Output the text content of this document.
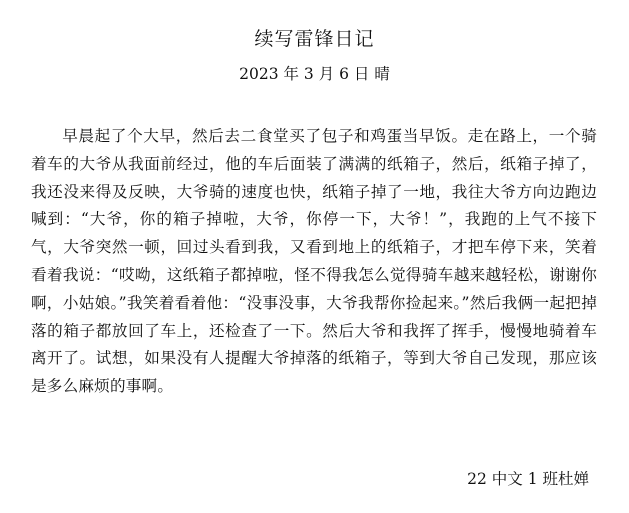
续写雷锋日记
2023 年 3 月 6 日 晴

早晨起了个大早，然后去二食堂买了包子和鸡蛋当早饭。走在路上，一个骑着车的大爷从我面前经过，他的车后面装了满满的纸箱子，然后，纸箱子掉了，我还没来得及反映，大爷骑的速度也快，纸箱子掉了一地，我往大爷方向边跑边喊到：“大爷，你的箱子掉啦，大爷，你停一下，大爷！”，我跑的上气不接下气，大爷突然一顿，回过头看到我，又看到地上的纸箱子，才把车停下来，笑着看着我说：“哎呦，这纸箱子都掉啦，怪不得我怎么觉得骑车越来越轻松，谢谢你啊，小姑娘。”我笑着看着他：“没事没事，大爷我帮你捡起来。”然后我俩一起把掉落的箱子都放回了车上，还检查了一下。然后大爷和我挥了挥手，慢慢地骑着车离开了。试想，如果没有人提醒大爷掉落的纸箱子，等到大爷自己发现，那应该是多么麻烦的事啊。

22 中文 1 班杜婵
